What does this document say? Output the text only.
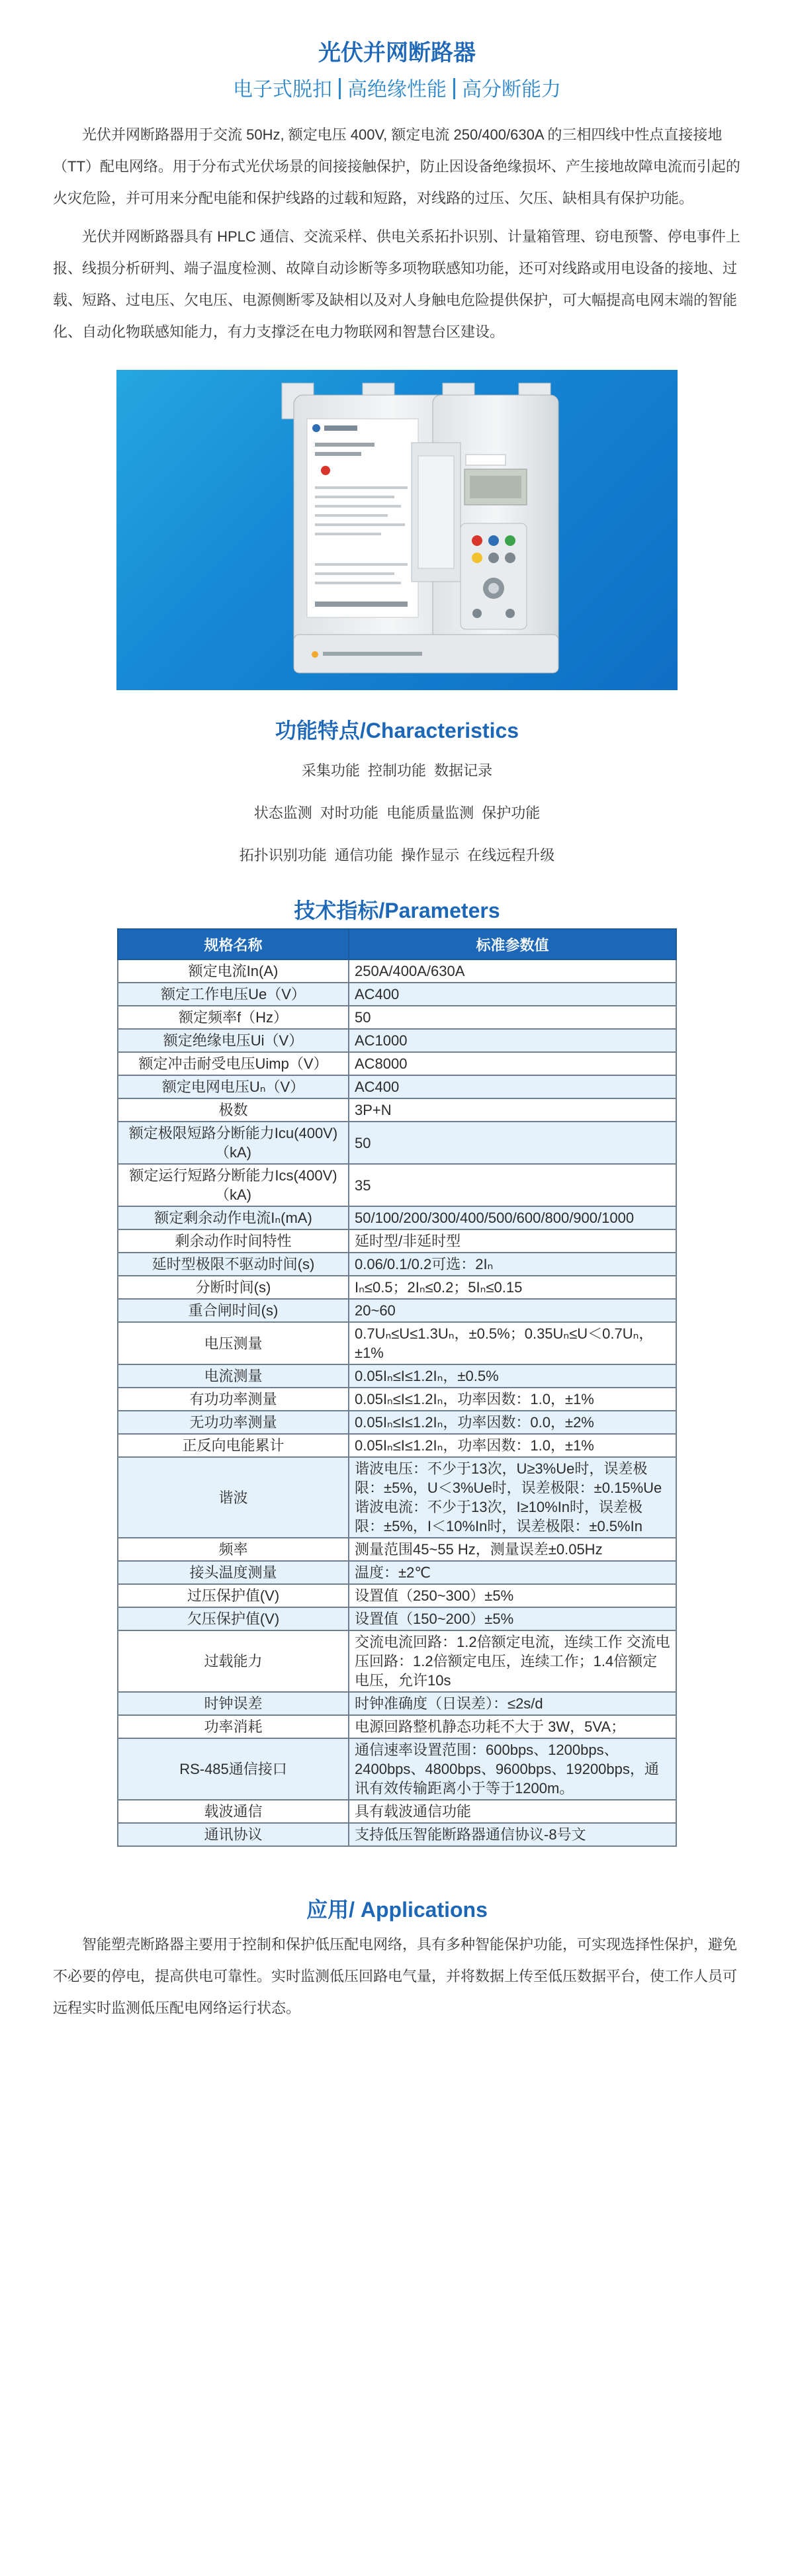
光伏并网断路器
电子式脱扣 高绝缘性能 高分断能力

光伏并网断路器用于交流 50Hz, 额定电压 400V, 额定电流 250/400/630A 的三相四线中性点直接接地（TT）配电网络。用于分布式光伏场景的间接接触保护，防止因设备绝缘损坏、产生接地故障电流而引起的火灾危险，并可用来分配电能和保护线路的过载和短路，对线路的过压、欠压、缺相具有保护功能。

光伏并网断路器具有 HPLC 通信、交流采样、供电关系拓扑识别、计量箱管理、窃电预警、停电事件上报、线损分析研判、端子温度检测、故障自动诊断等多项物联感知功能，还可对线路或用电设备的接地、过载、短路、过电压、欠电压、电源侧断零及缺相以及对人身触电危险提供保护，可大幅提高电网末端的智能化、自动化物联感知能力，有力支撑泛在电力物联网和智慧台区建设。

功能特点/Characteristics
采集功能 控制功能 数据记录
状态监测 对时功能 电能质量监测 保护功能
拓扑识别功能 通信功能 操作显示 在线远程升级
技术指标/Parameters
规格名称	标准参数值
额定电流In(A)	250A/400A/630A
额定工作电压Ue（V）	AC400
额定频率f（Hz）	50
额定绝缘电压Ui（V）	AC1000
额定冲击耐受电压Uimp（V）	AC8000
额定电网电压Uₙ（V）	AC400
极数	3P+N
额定极限短路分断能力Icu(400V)（kA)	50
额定运行短路分断能力Ics(400V)（kA)	35
额定剩余动作电流Iₙ(mA)	50/100/200/300/400/500/600/800/900/1000
剩余动作时间特性	延时型/非延时型
延时型极限不驱动时间(s)	0.06/0.1/0.2可选：2Iₙ
分断时间(s)	Iₙ≤0.5；2Iₙ≤0.2；5Iₙ≤0.15
重合闸时间(s)	20~60
电压测量	0.7Uₙ≤U≤1.3Uₙ，±0.5%；0.35Uₙ≤U＜0.7Uₙ，±1%
电流测量	0.05Iₙ≤I≤1.2Iₙ，±0.5%
有功功率测量	0.05Iₙ≤I≤1.2Iₙ，功率因数：1.0，±1%
无功功率测量	0.05Iₙ≤I≤1.2Iₙ，功率因数：0.0，±2%
正反向电能累计	0.05Iₙ≤I≤1.2Iₙ，功率因数：1.0，±1%
谐波	谐波电压：不少于13次，U≥3%Ue时，误差极限：±5%，U＜3%Ue时，误差极限：±0.15%Ue 谐波电流：不少于13次，I≥10%In时，误差极限：±5%，I＜10%In时，误差极限：±0.5%In
频率	测量范围45~55 Hz，测量误差±0.05Hz
接头温度测量	温度：±2℃
过压保护值(V)	设置值（250~300）±5%
欠压保护值(V)	设置值（150~200）±5%
过载能力	交流电流回路：1.2倍额定电流，连续工作 交流电压回路：1.2倍额定电压，连续工作；1.4倍额定电压，允许10s
时钟误差	时钟准确度（日误差）：≤2s/d
功率消耗	电源回路整机静态功耗不大于 3W，5VA；
RS-485通信接口	通信速率设置范围：600bps、1200bps、2400bps、4800bps、9600bps、19200bps，通讯有效传输距离小于等于1200m。
载波通信	具有载波通信功能
通讯协议	支持低压智能断路器通信协议-8号文
应用/ Applications

智能塑壳断路器主要用于控制和保护低压配电网络，具有多种智能保护功能，可实现选择性保护，避免不必要的停电，提高供电可靠性。实时监测低压回路电气量，并将数据上传至低压数据平台，使工作人员可远程实时监测低压配电网络运行状态。
